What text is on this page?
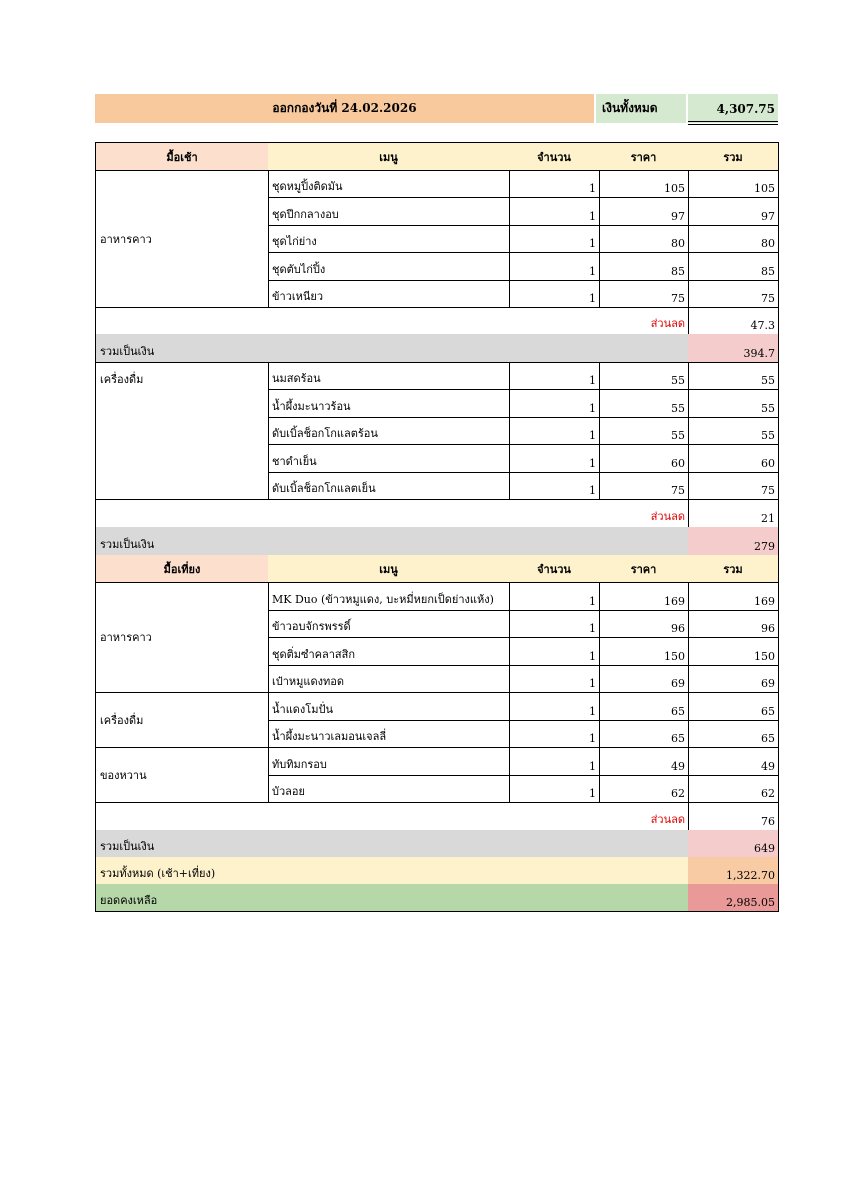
ออกกองวันที่ 24.02.2026	เงินทั้งหมด	4,307.75
มื้อเช้า	เมนู	จำนวน	ราคา	รวม
อาหารคาว
ชุดหมูปิ้งติดมัน	1	105	105
ชุดปีกกลางอบ	1	97	97
ชุดไก่ย่าง	1	80	80
ชุดตับไก่ปิ้ง	1	85	85
ข้าวเหนียว	1	75	75
ส่วนลด	47.3
รวมเป็นเงิน	394.7
เครื่องดื่ม	นมสดร้อน	1	55	55
น้ำผึ้งมะนาวร้อน	1	55	55
ดับเบิ้ลช็อกโกแลตร้อน	1	55	55
ชาดำเย็น	1	60	60
ดับเบิ้ลช็อกโกแลตเย็น	1	75	75
ส่วนลด	21
รวมเป็นเงิน	279
มื้อเที่ยง	เมนู	จำนวน	ราคา	รวม
อาหารคาว
MK Duo (ข้าวหมูแดง, บะหมี่หยกเป็ดย่างแห้ง)	1	169	169
ข้าวอบจักรพรรดิ์	1	96	96
ชุดติ่มซำคลาสสิก	1	150	150
เป๋าหมูแดงทอด	1	69	69
เครื่องดื่ม
น้ำแดงโมปั่น	1	65	65
น้ำผึ้งมะนาวเลมอนเจลลี่	1	65	65
ของหวาน
ทับทิมกรอบ	1	49	49
บัวลอย	1	62	62
ส่วนลด	76
รวมเป็นเงิน	649
รวมทั้งหมด (เช้า+เที่ยง)	1,322.70
ยอดคงเหลือ	2,985.05
